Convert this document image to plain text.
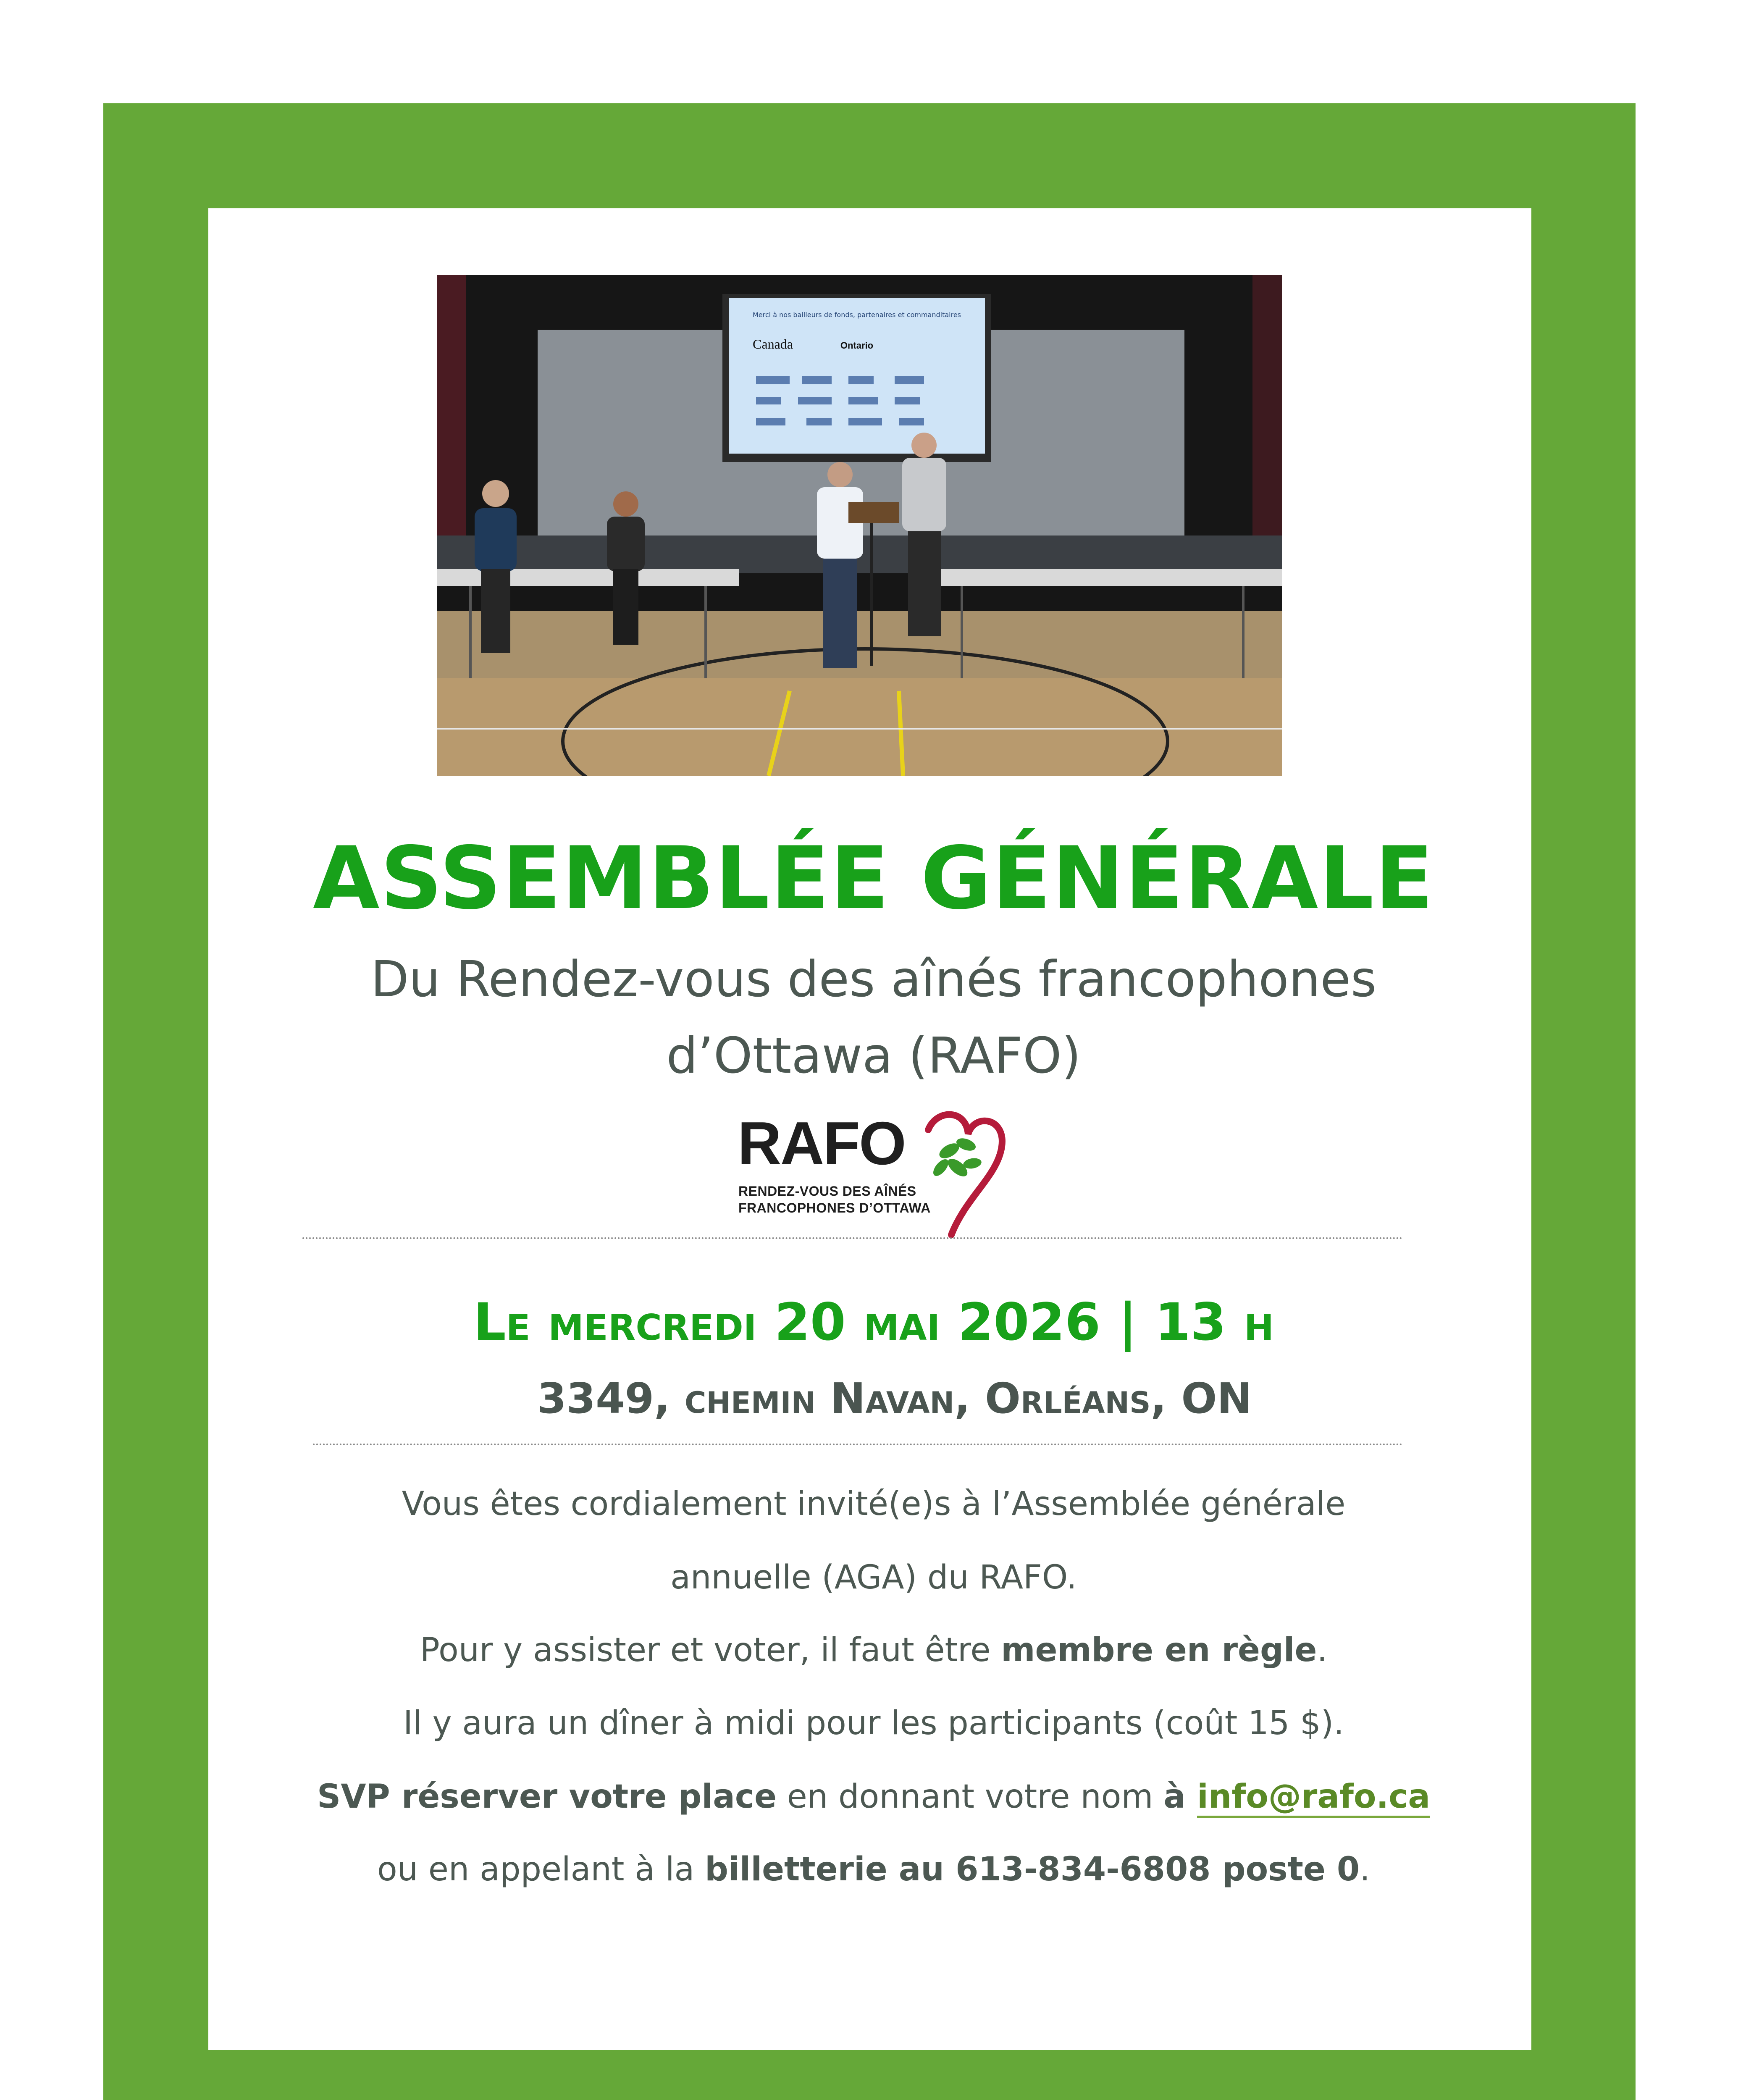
Merci à nos bailleurs de fonds, partenaires et commanditaires
Canada	Ontario
ASSEMBLÉE GÉNÉRALE
Du Rendez-vous des aînés francophones
d’Ottawa (RAFO)
RAFO
RENDEZ-VOUS DES AÎNÉS
FRANCOPHONES D’OTTAWA
Le mercredi 20 mai 2026 | 13 h
3349, chemin Navan, Orléans, ON
Vous êtes cordialement invité(e)s à l’Assemblée générale
annuelle (AGA) du RAFO.
Pour y assister et voter, il faut être membre en règle.
Il y aura un dîner à midi pour les participants (coût 15 $).
SVP réserver votre place en donnant votre nom à info@rafo.ca
ou en appelant à la billetterie au 613-834-6808 poste 0.
